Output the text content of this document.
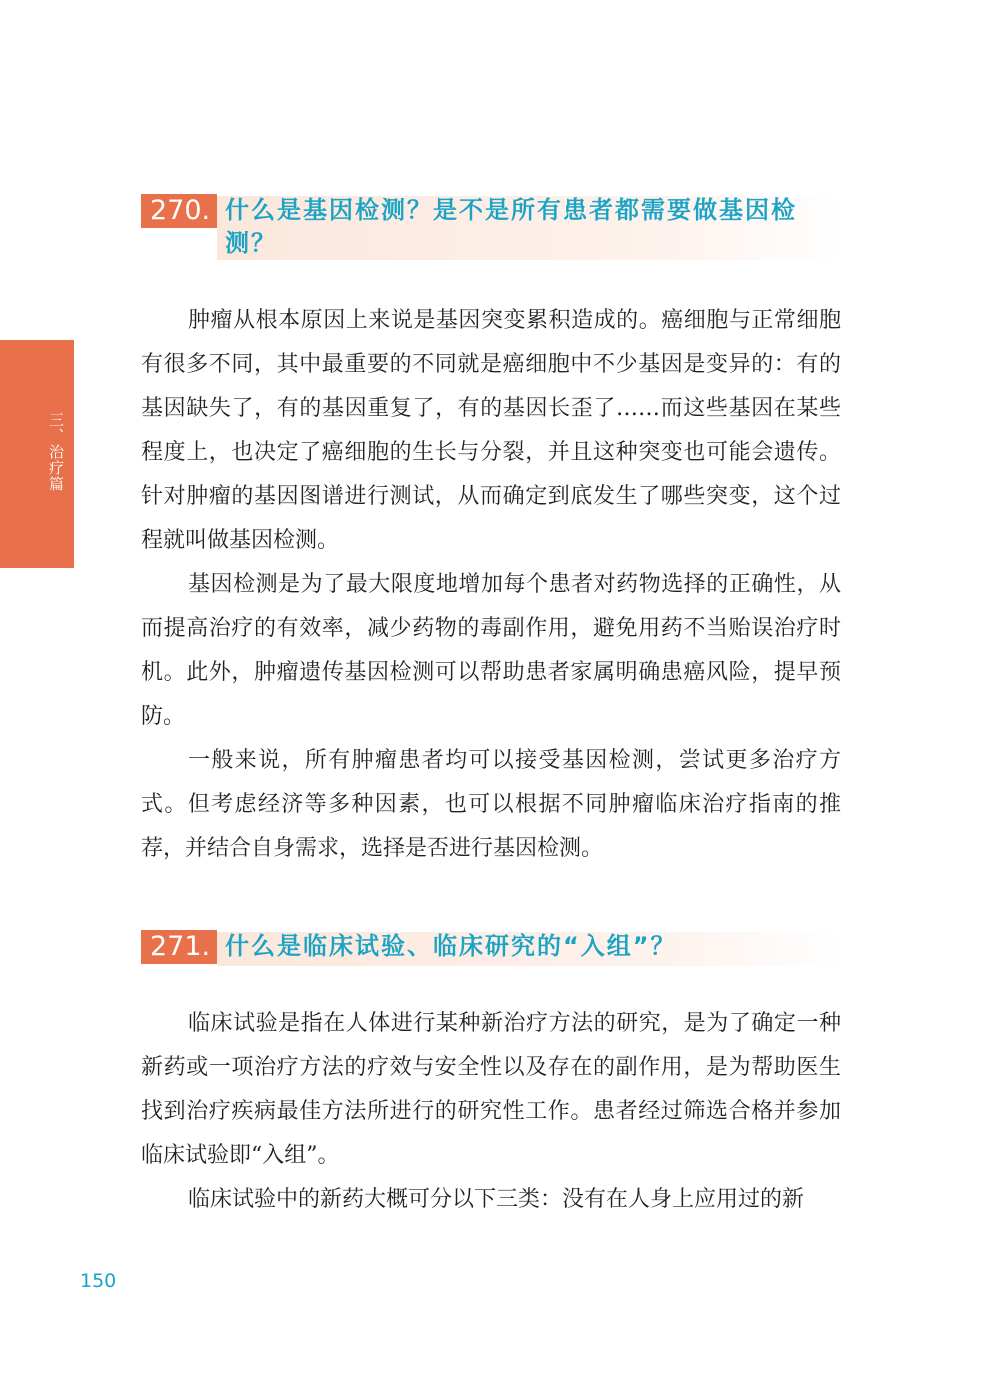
三、治疗篇
270. 什么是基因检测？是不是所有患者都需要做基因检测？

肿瘤从根本原因上来说是基因突变累积造成的。癌细胞与正常细胞有很多不同，其中最重要的不同就是癌细胞中不少基因是变异的：有的基因缺失了，有的基因重复了，有的基因长歪了……而这些基因在某些程度上，也决定了癌细胞的生长与分裂，并且这种突变也可能会遗传。针对肿瘤的基因图谱进行测试，从而确定到底发生了哪些突变，这个过程就叫做基因检测。

基因检测是为了最大限度地增加每个患者对药物选择的正确性，从而提高治疗的有效率，减少药物的毒副作用，避免用药不当贻误治疗时机。此外，肿瘤遗传基因检测可以帮助患者家属明确患癌风险，提早预防。

一般来说，所有肿瘤患者均可以接受基因检测，尝试更多治疗方式。但考虑经济等多种因素，也可以根据不同肿瘤临床治疗指南的推荐，并结合自身需求，选择是否进行基因检测。

271. 什么是临床试验、临床研究的“入组”？

临床试验是指在人体进行某种新治疗方法的研究，是为了确定一种新药或一项治疗方法的疗效与安全性以及存在的副作用，是为帮助医生找到治疗疾病最佳方法所进行的研究性工作。患者经过筛选合格并参加临床试验即“入组”。

临床试验中的新药大概可分以下三类：没有在人身上应用过的新

150
